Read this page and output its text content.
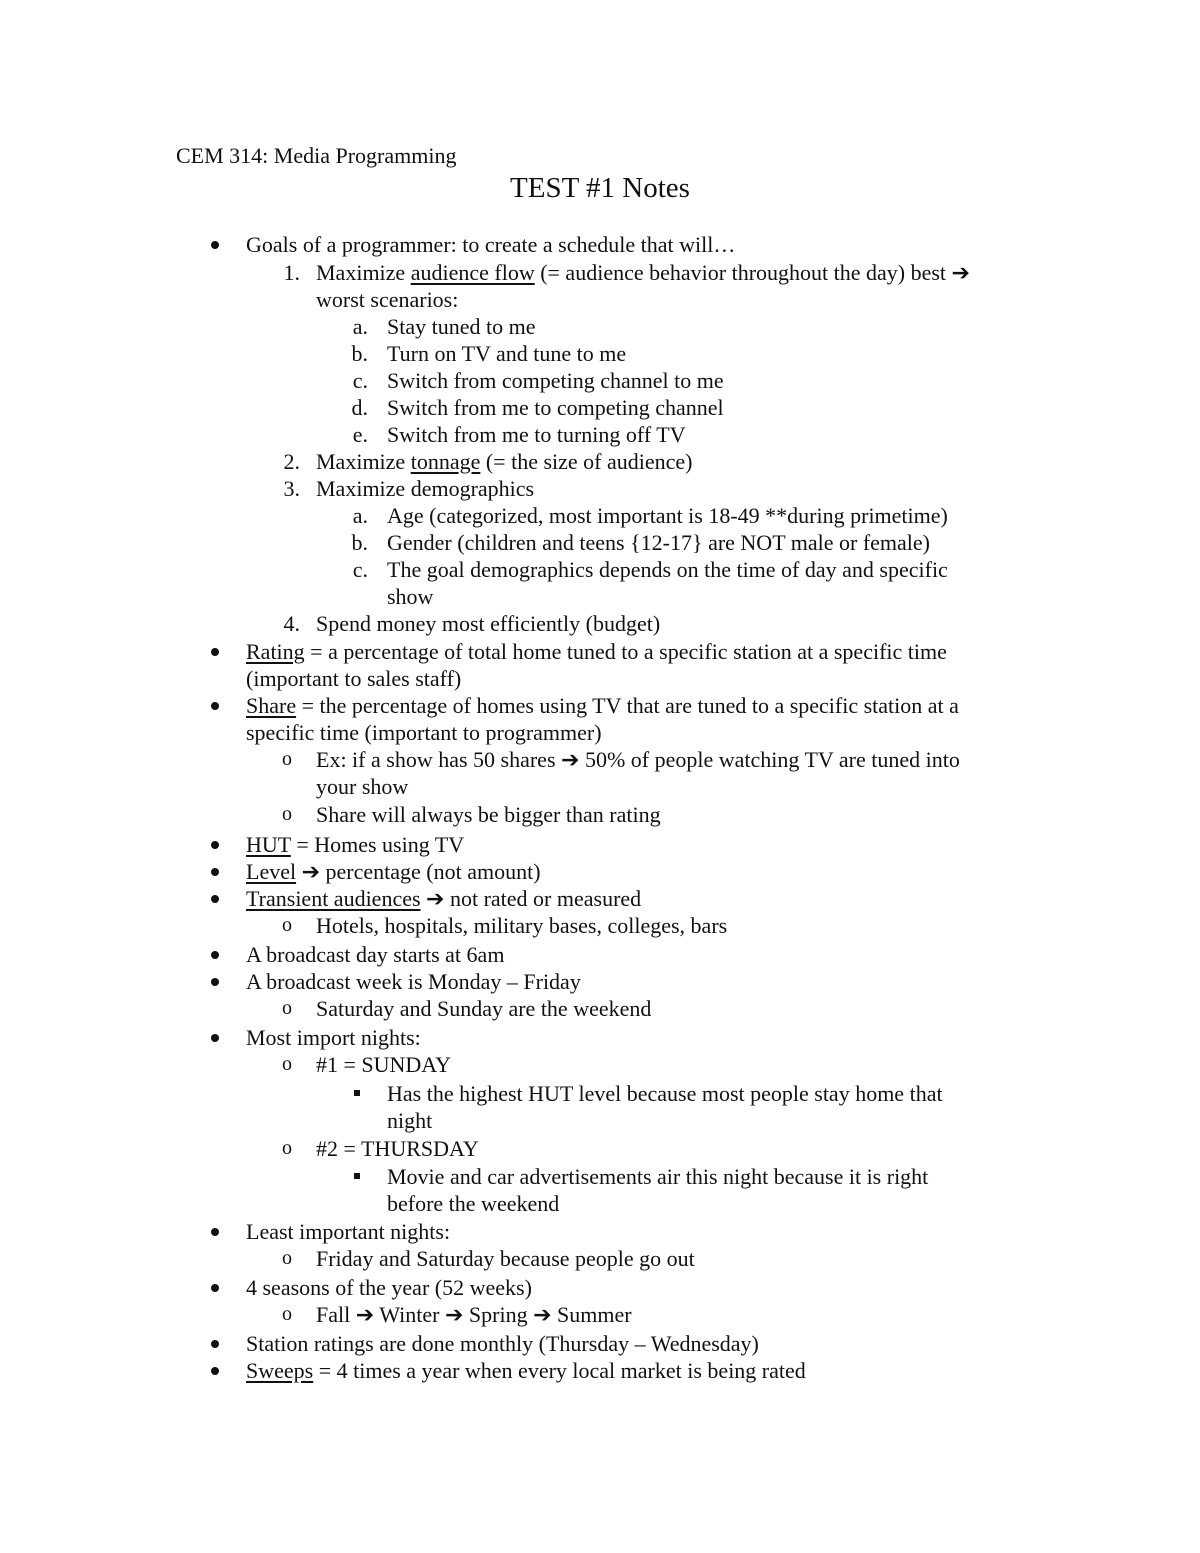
CEM 314: Media Programming
TEST #1 Notes
Goals of a programmer: to create a schedule that will…
1. Maximize audience flow (= audience behavior throughout the day) best ➔
worst scenarios:
a. Stay tuned to me
b. Turn on TV and tune to me
c. Switch from competing channel to me
d. Switch from me to competing channel
e. Switch from me to turning off TV
2. Maximize tonnage (= the size of audience)
3. Maximize demographics
a. Age (categorized, most important is 18-49 **during primetime)
b. Gender (children and teens {12-17} are NOT male or female)
c. The goal demographics depends on the time of day and specific
show
4. Spend money most efficiently (budget)
Rating = a percentage of total home tuned to a specific station at a specific time
(important to sales staff)
Share = the percentage of homes using TV that are tuned to a specific station at a
specific time (important to programmer)
o Ex: if a show has 50 shares ➔ 50% of people watching TV are tuned into
your show
o Share will always be bigger than rating
HUT = Homes using TV
Level ➔ percentage (not amount)
Transient audiences ➔ not rated or measured
o Hotels, hospitals, military bases, colleges, bars
A broadcast day starts at 6am
A broadcast week is Monday – Friday
o Saturday and Sunday are the weekend
Most import nights:
o #1 = SUNDAY
Has the highest HUT level because most people stay home that
night
o #2 = THURSDAY
Movie and car advertisements air this night because it is right
before the weekend
Least important nights:
o Friday and Saturday because people go out
4 seasons of the year (52 weeks)
o Fall ➔ Winter ➔ Spring ➔ Summer
Station ratings are done monthly (Thursday – Wednesday)
Sweeps = 4 times a year when every local market is being rated
